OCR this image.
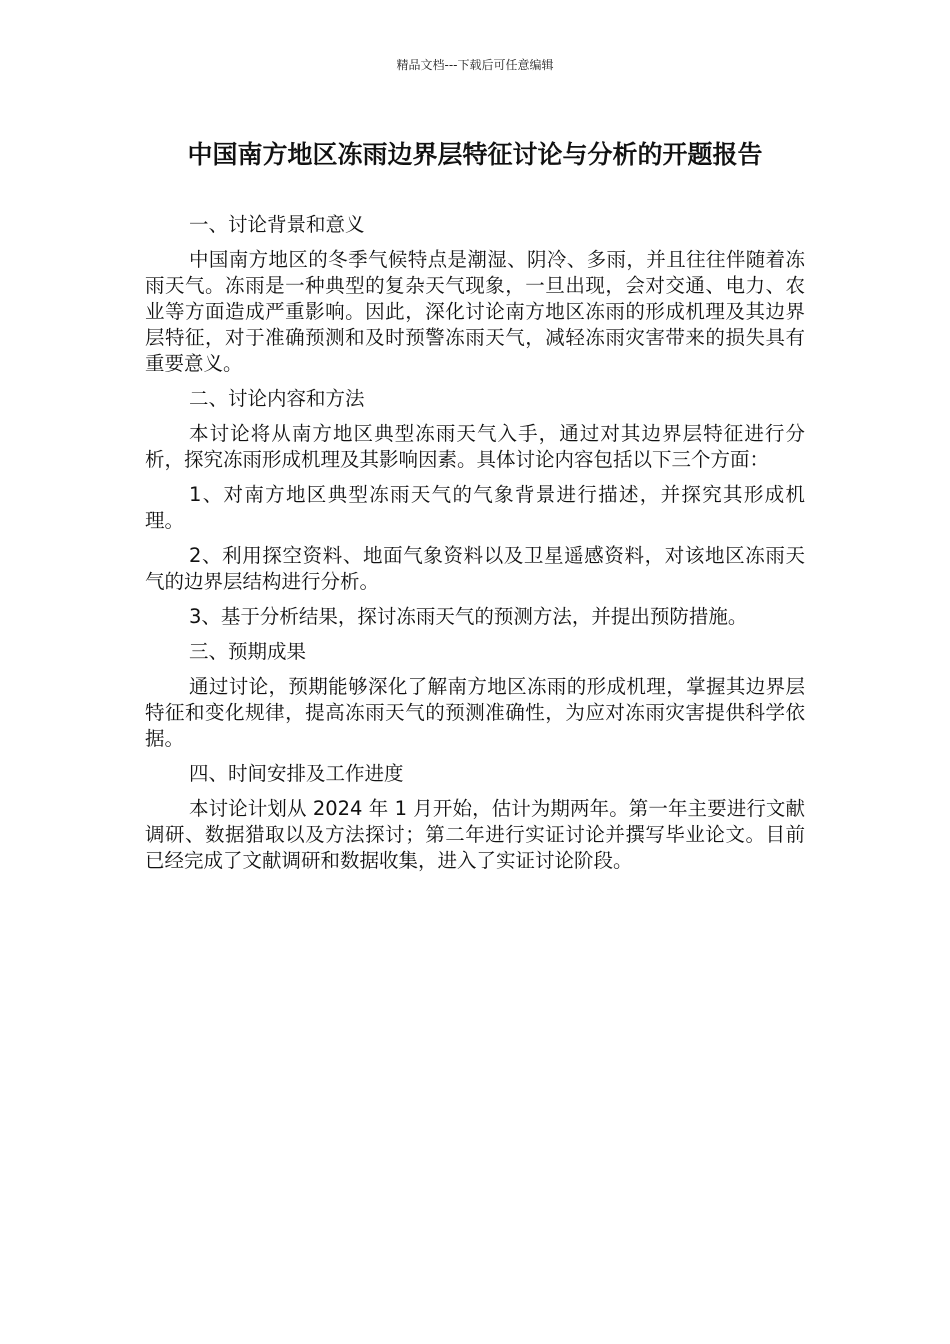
精品文档---下载后可任意编辑
中国南方地区冻雨边界层特征讨论与分析的开题报告

一、讨论背景和意义

中国南方地区的冬季气候特点是潮湿、阴冷、多雨，并且往往伴随着冻雨天气。冻雨是一种典型的复杂天气现象，一旦出现，会对交通、电力、农业等方面造成严重影响。因此，深化讨论南方地区冻雨的形成机理及其边界层特征，对于准确预测和及时预警冻雨天气，减轻冻雨灾害带来的损失具有重要意义。

二、讨论内容和方法

本讨论将从南方地区典型冻雨天气入手，通过对其边界层特征进行分析，探究冻雨形成机理及其影响因素。具体讨论内容包括以下三个方面：

1、对南方地区典型冻雨天气的气象背景进行描述，并探究其形成机理。

2、利用探空资料、地面气象资料以及卫星遥感资料，对该地区冻雨天气的边界层结构进行分析。

3、基于分析结果，探讨冻雨天气的预测方法，并提出预防措施。

三、预期成果

通过讨论，预期能够深化了解南方地区冻雨的形成机理，掌握其边界层特征和变化规律，提高冻雨天气的预测准确性，为应对冻雨灾害提供科学依据。

四、时间安排及工作进度

本讨论计划从 2024 年 1 月开始，估计为期两年。第一年主要进行文献调研、数据猎取以及方法探讨；第二年进行实证讨论并撰写毕业论文。目前已经完成了文献调研和数据收集，进入了实证讨论阶段。
